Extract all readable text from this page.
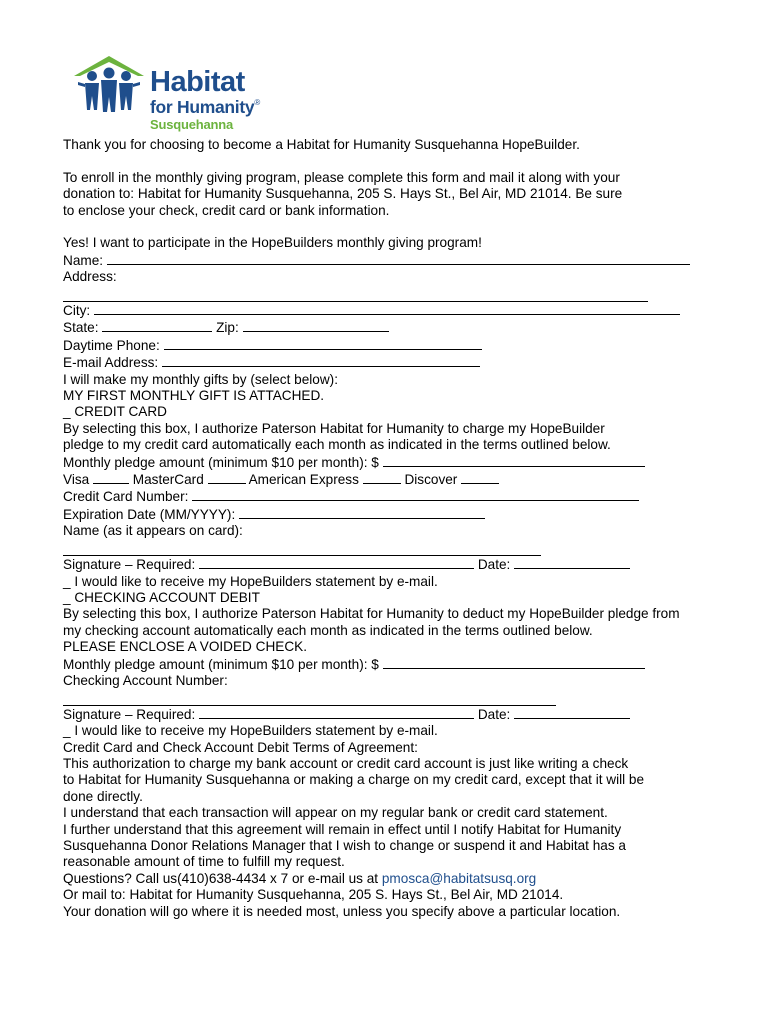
Habitat
for Humanity®
Susquehanna

Thank you for choosing to become a Habitat for Humanity Susquehanna HopeBuilder.

To enroll in the monthly giving program, please complete this form and mail it along with your

donation to: Habitat for Humanity Susquehanna, 205 S. Hays St., Bel Air, MD 21014. Be sure

to enclose your check, credit card or bank information.

Yes! I want to participate in the HopeBuilders monthly giving program!

Name:

Address:

City:

State:	Zip:

Daytime Phone:

E-mail Address:

I will make my monthly gifts by (select below):

MY FIRST MONTHLY GIFT IS ATTACHED.

_ CREDIT CARD

By selecting this box, I authorize Paterson Habitat for Humanity to charge my HopeBuilder

pledge to my credit card automatically each month as indicated in the terms outlined below.

Monthly pledge amount (minimum $10 per month): $

Visa	MasterCard	American Express	Discover

Credit Card Number:

Expiration Date (MM/YYYY):

Name (as it appears on card):

Signature – Required:	Date:

_ I would like to receive my HopeBuilders statement by e-mail.

_ CHECKING ACCOUNT DEBIT

By selecting this box, I authorize Paterson Habitat for Humanity to deduct my HopeBuilder pledge from

my checking account automatically each month as indicated in the terms outlined below.

PLEASE ENCLOSE A VOIDED CHECK.

Monthly pledge amount (minimum $10 per month): $

Checking Account Number:

Signature – Required:	Date:

_ I would like to receive my HopeBuilders statement by e-mail.

Credit Card and Check Account Debit Terms of Agreement:

This authorization to charge my bank account or credit card account is just like writing a check

to Habitat for Humanity Susquehanna or making a charge on my credit card, except that it will be

done directly.

I understand that each transaction will appear on my regular bank or credit card statement.

I further understand that this agreement will remain in effect until I notify Habitat for Humanity

Susquehanna Donor Relations Manager that I wish to change or suspend it and Habitat has a

reasonable amount of time to fulfill my request.

Questions? Call us(410)638-4434 x 7 or e-mail us at pmosca@habitatsusq.org

Or mail to: Habitat for Humanity Susquehanna, 205 S. Hays St., Bel Air, MD 21014.

Your donation will go where it is needed most, unless you specify above a particular location.
